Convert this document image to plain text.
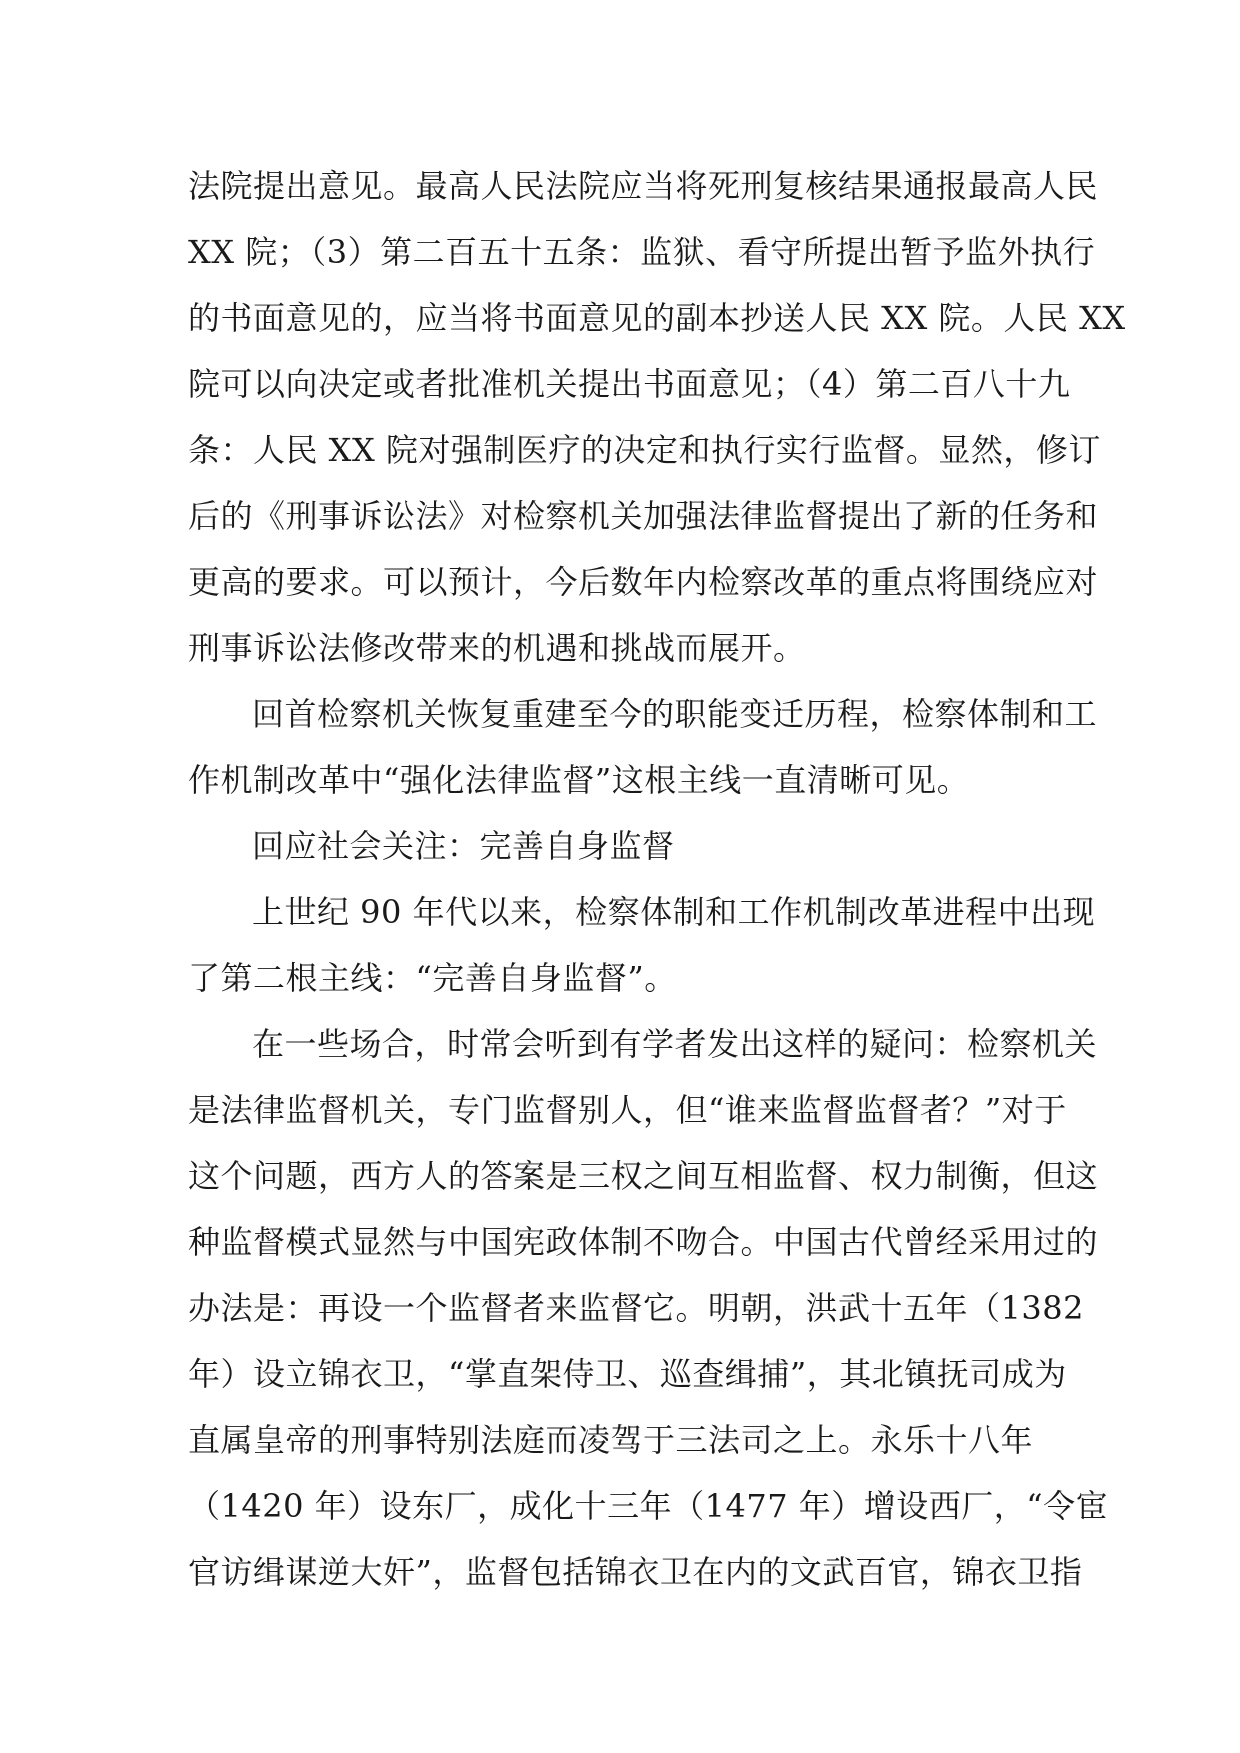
法院提出意见。最高人民法院应当将死刑复核结果通报最高人民
XX 院；（3）第二百五十五条：监狱、看守所提出暂予监外执行
的书面意见的，应当将书面意见的副本抄送人民 XX 院。人民 XX
院可以向决定或者批准机关提出书面意见；（4）第二百八十九
条：人民 XX 院对强制医疗的决定和执行实行监督。显然，修订
后的《刑事诉讼法》对检察机关加强法律监督提出了新的任务和
更高的要求。可以预计，今后数年内检察改革的重点将围绕应对
刑事诉讼法修改带来的机遇和挑战而展开。
回首检察机关恢复重建至今的职能变迁历程，检察体制和工
作机制改革中“强化法律监督”这根主线一直清晰可见。
回应社会关注：完善自身监督
上世纪 90 年代以来，检察体制和工作机制改革进程中出现
了第二根主线：“完善自身监督”。
在一些场合，时常会听到有学者发出这样的疑问：检察机关
是法律监督机关，专门监督别人，但“谁来监督监督者？”对于
这个问题，西方人的答案是三权之间互相监督、权力制衡，但这
种监督模式显然与中国宪政体制不吻合。中国古代曾经采用过的
办法是：再设一个监督者来监督它。明朝，洪武十五年（1382
年）设立锦衣卫，“掌直架侍卫、巡查缉捕”，其北镇抚司成为
直属皇帝的刑事特别法庭而凌驾于三法司之上。永乐十八年
（1420 年）设东厂，成化十三年（1477 年）增设西厂，“令宦
官访缉谋逆大奸”，监督包括锦衣卫在内的文武百官，锦衣卫指
